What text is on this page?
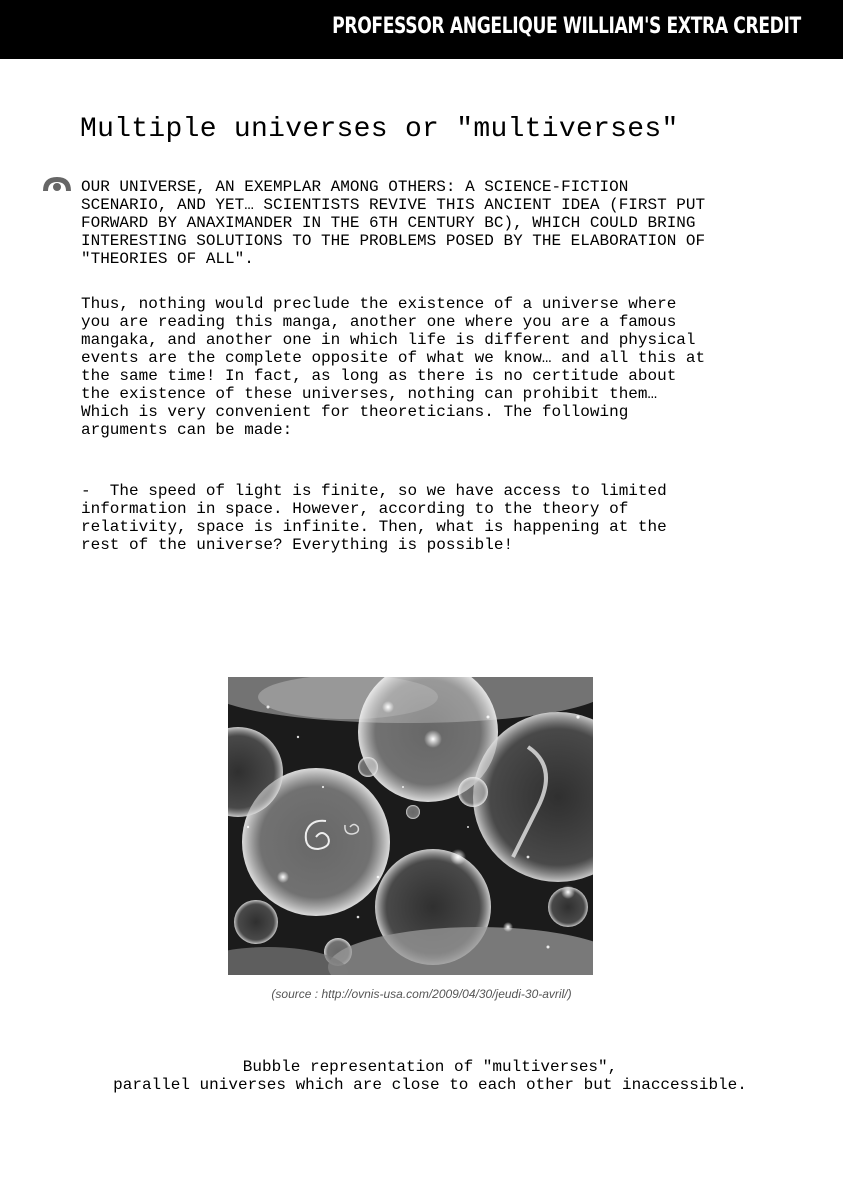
PROFESSOR ANGELIQUE WILLIAM'S EXTRA CREDIT
Multiple universes or "multiverses"
OUR UNIVERSE, AN EXEMPLAR AMONG OTHERS: A SCIENCE-FICTION
SCENARIO, AND YET… SCIENTISTS REVIVE THIS ANCIENT IDEA (FIRST PUT
FORWARD BY ANAXIMANDER IN THE 6TH CENTURY BC), WHICH COULD BRING
INTERESTING SOLUTIONS TO THE PROBLEMS POSED BY THE ELABORATION OF
"THEORIES OF ALL".
Thus, nothing would preclude the existence of a universe where
you are reading this manga, another one where you are a famous
mangaka, and another one in which life is different and physical
events are the complete opposite of what we know… and all this at
the same time! In fact, as long as there is no certitude about
the existence of these universes, nothing can prohibit them…
Which is very convenient for theoreticians. The following
arguments can be made:
-  The speed of light is finite, so we have access to limited
information in space. However, according to the theory of
relativity, space is infinite. Then, what is happening at the
rest of the universe? Everything is possible!
(source : http://ovnis-usa.com/2009/04/30/jeudi-30-avril/)
Bubble representation of "multiverses",
parallel universes which are close to each other but inaccessible.
